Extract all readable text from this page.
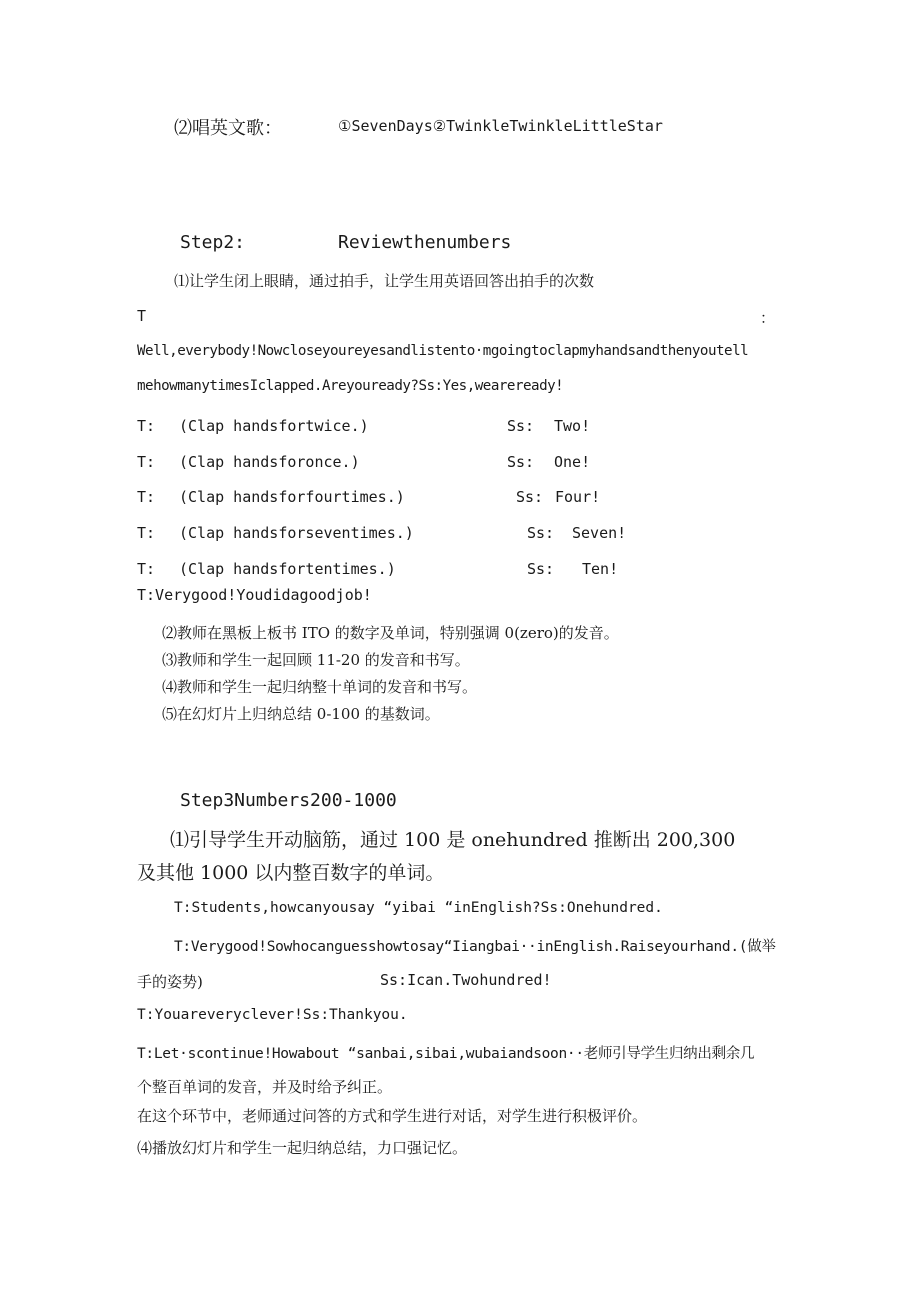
⑵唱英文歌：	①SevenDays②TwinkleTwinkleLittleStar
Step2:	Reviewthenumbers
⑴让学生闭上眼睛，通过拍手，让学生用英语回答出拍手的次数
T	：
Well,everybody!Nowcloseyoureyesandlistento·mgoingtoclapmyhandsandthenyoutell
mehowmanytimesIclapped.Areyouready?Ss:Yes,weareready!
T: (Clap handsfortwice.)	Ss: Two!
T: (Clap handsforonce.)	Ss: One!
T: (Clap handsforfourtimes.)	Ss: Four!
T: (Clap handsforseventimes.)	Ss: Seven!
T: (Clap handsfortentimes.)	Ss: Ten!
T:Verygood!Youdidagoodjob!
⑵教师在黑板上板书 ITO 的数字及单词，特别强调 0(zero)的发音。
⑶教师和学生一起回顾 11-20 的发音和书写。
⑷教师和学生一起归纳整十单词的发音和书写。
⑸在幻灯片上归纳总结 0-100 的基数词。
Step3Numbers200-1000
⑴引导学生开动脑筋，通过 100 是 onehundred 推断出 200,300
及其他 1000 以内整百数字的单词。
T:Students,howcanyousay “yibai “inEnglish?Ss:Onehundred.
T:Verygood!Sowhocanguesshowtosay“Iiangbai··inEnglish.Raiseyourhand.(做举
手的姿势)	Ss:Ican.Twohundred!
T:Youareveryclever!Ss:Thankyou.
T:Let·scontinue!Howabout “sanbai,sibai,wubaiandsoon··老师引导学生归纳出剩余几
个整百单词的发音，并及时给予纠正。
在这个环节中，老师通过问答的方式和学生进行对话，对学生进行积极评价。
⑷播放幻灯片和学生一起归纳总结，力口强记忆。
